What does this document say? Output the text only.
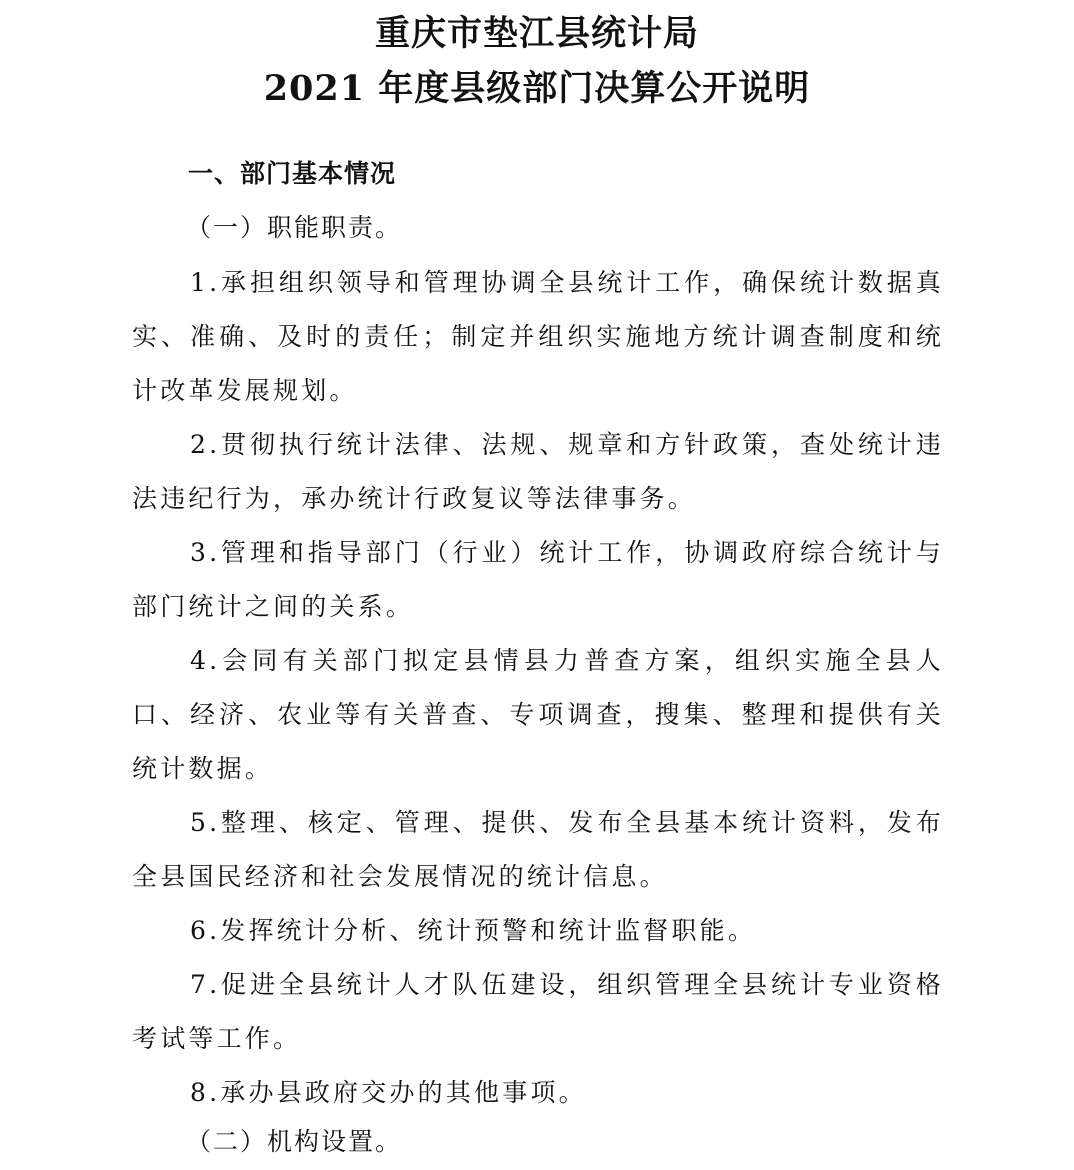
重庆市垫江县统计局
2021 年度县级部门决算公开说明
一、部门基本情况
（一）职能职责。

1.承担组织领导和管理协调全县统计工作，确保统计数据真实、准确、及时的责任；制定并组织实施地方统计调查制度和统计改革发展规划。

2.贯彻执行统计法律、法规、规章和方针政策，查处统计违法违纪行为，承办统计行政复议等法律事务。

3.管理和指导部门（行业）统计工作，协调政府综合统计与部门统计之间的关系。

4.会同有关部门拟定县情县力普查方案，组织实施全县人口、经济、农业等有关普查、专项调查，搜集、整理和提供有关统计数据。

5.整理、核定、管理、提供、发布全县基本统计资料，发布全县国民经济和社会发展情况的统计信息。

6.发挥统计分析、统计预警和统计监督职能。

7.促进全县统计人才队伍建设，组织管理全县统计专业资格考试等工作。

8.承办县政府交办的其他事项。

（二）机构设置。
